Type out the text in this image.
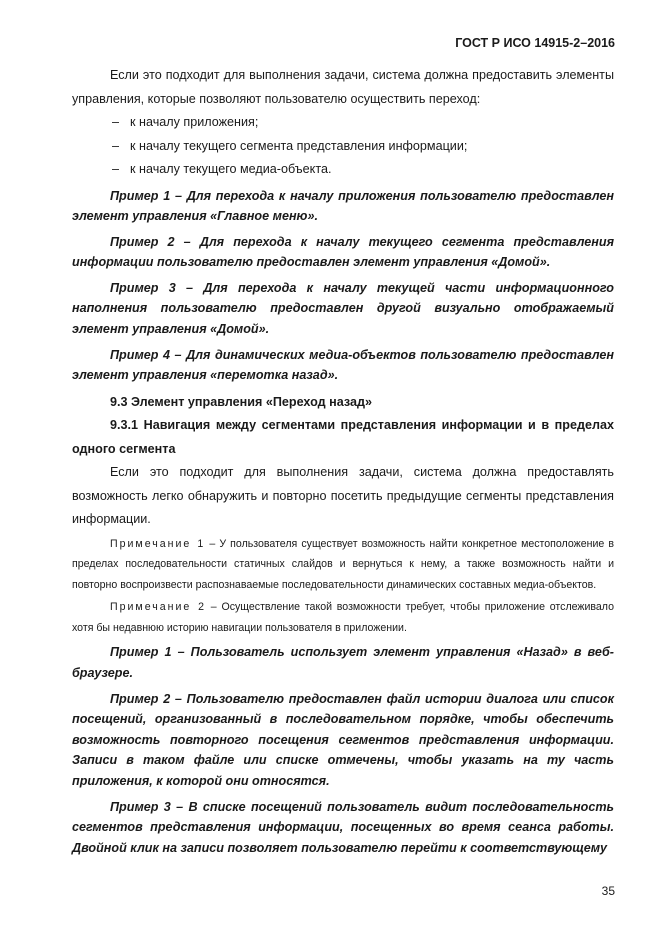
ГОСТ Р ИСО 14915-2–2016

Если это подходит для выполнения задачи, система должна предоставить элементы управления, которые позволяют пользователю осуществить переход:

– к началу приложения;

– к началу текущего сегмента представления информации;

– к началу текущего медиа-объекта.

Пример 1 – Для перехода к началу приложения пользователю предоставлен элемент управления «Главное меню».

Пример 2 – Для перехода к началу текущего сегмента представления информации пользователю предоставлен элемент управления «Домой».

Пример 3 – Для перехода к началу текущей части информационного наполнения пользователю предоставлен другой визуально отображаемый элемент управления «Домой».

Пример 4 – Для динамических медиа-объектов пользователю предоставлен элемент управления «перемотка назад».

9.3 Элемент управления «Переход назад»

9.3.1 Навигация между сегментами представления информации и в пределах одного сегмента

Если это подходит для выполнения задачи, система должна предоставлять возможность легко обнаружить и повторно посетить предыдущие сегменты представления информации.

Примечание 1 – У пользователя существует возможность найти конкретное местоположение в пределах последовательности статичных слайдов и вернуться к нему, а также возможность найти и повторно воспроизвести распознаваемые последовательности динамических составных медиа-объектов.

Примечание 2 – Осуществление такой возможности требует, чтобы приложение отслеживало хотя бы недавнюю историю навигации пользователя в приложении.

Пример 1 – Пользователь использует элемент управления «Назад» в веб-браузере.

Пример 2 – Пользователю предоставлен файл истории диалога или список посещений, организованный в последовательном порядке, чтобы обеспечить возможность повторного посещения сегментов представления информации. Записи в таком файле или списке отмечены, чтобы указать на ту часть приложения, к которой они относятся.

Пример 3 – В списке посещений пользователь видит последовательность сегментов представления информации, посещенных во время сеанса работы. Двойной клик на записи позволяет пользователю перейти к соответствующему

35
